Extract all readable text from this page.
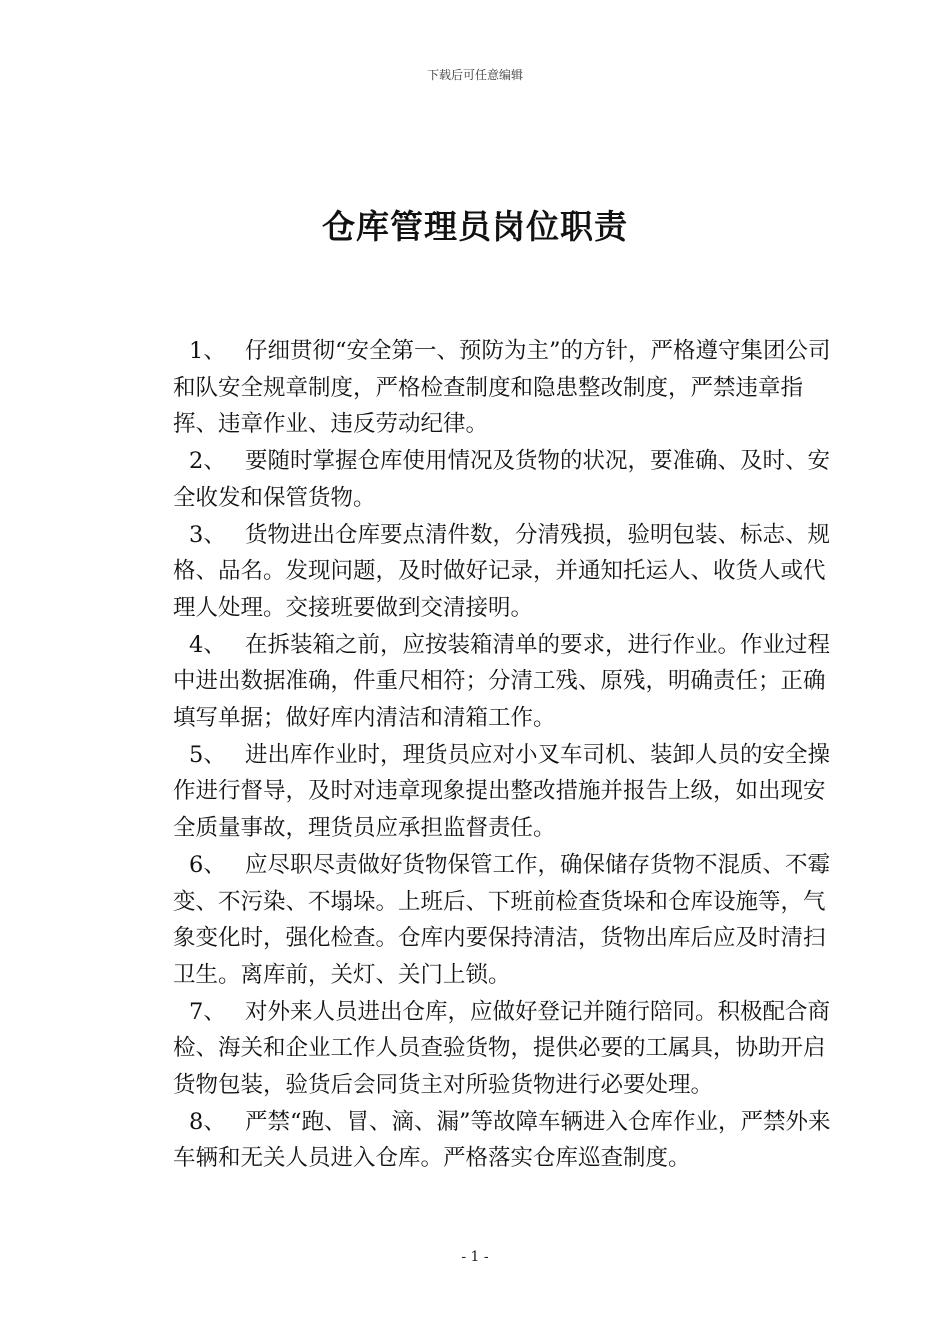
下载后可任意编辑
仓库管理员岗位职责

1、 仔细贯彻“安全第一、预防为主”的方针，严格遵守集团公司和队安全规章制度，严格检查制度和隐患整改制度，严禁违章指挥、违章作业、违反劳动纪律。

2、 要随时掌握仓库使用情况及货物的状况，要准确、及时、安全收发和保管货物。

3、 货物进出仓库要点清件数，分清残损，验明包装、标志、规格、品名。发现问题，及时做好记录，并通知托运人、收货人或代理人处理。交接班要做到交清接明。

4、 在拆装箱之前，应按装箱清单的要求，进行作业。作业过程中进出数据准确，件重尺相符；分清工残、原残，明确责任；正确填写单据；做好库内清洁和清箱工作。

5、 进出库作业时，理货员应对小叉车司机、装卸人员的安全操作进行督导，及时对违章现象提出整改措施并报告上级，如出现安全质量事故，理货员应承担监督责任。

6、 应尽职尽责做好货物保管工作，确保储存货物不混质、不霉变、不污染、不塌垛。上班后、下班前检查货垛和仓库设施等，气象变化时，强化检查。仓库内要保持清洁，货物出库后应及时清扫卫生。离库前，关灯、关门上锁。

7、 对外来人员进出仓库，应做好登记并随行陪同。积极配合商检、海关和企业工作人员查验货物，提供必要的工属具，协助开启货物包装，验货后会同货主对所验货物进行必要处理。

8、 严禁“跑、冒、滴、漏”等故障车辆进入仓库作业，严禁外来车辆和无关人员进入仓库。严格落实仓库巡查制度。

- 1 -
